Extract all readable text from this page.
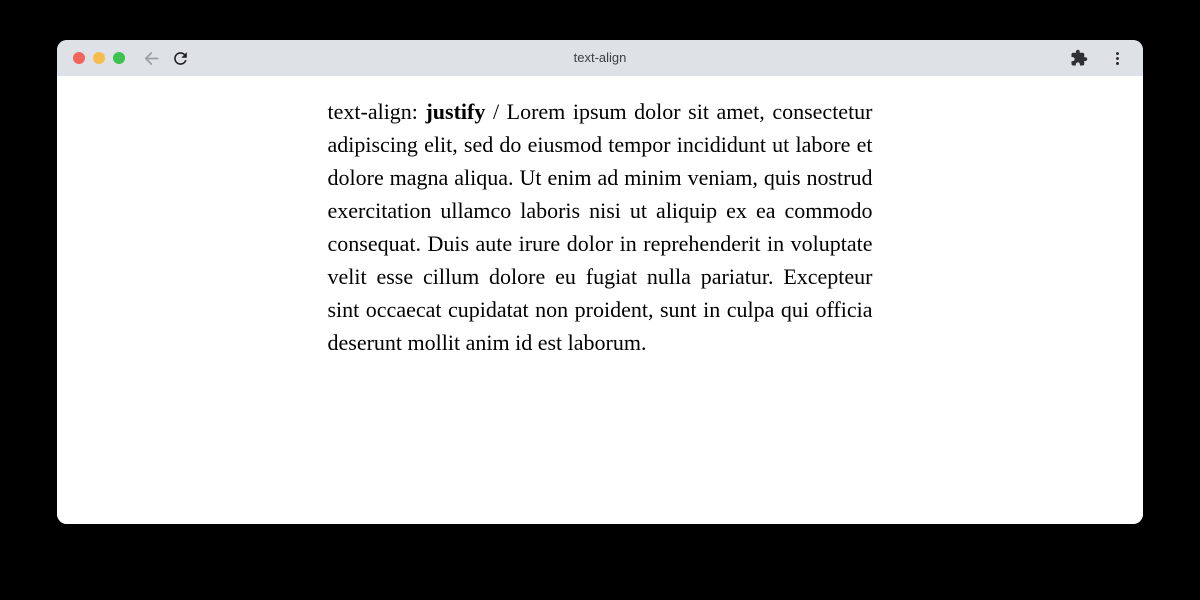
text-align

text-align: justify / Lorem ipsum dolor sit amet, consectetur adipiscing elit, sed do eiusmod tempor incididunt ut labore et dolore magna aliqua. Ut enim ad minim veniam, quis nostrud exercitation ullamco laboris nisi ut aliquip ex ea commodo consequat. Duis aute irure dolor in reprehenderit in voluptate velit esse cillum dolore eu fugiat nulla pariatur. Excepteur sint occaecat cupidatat non proident, sunt in culpa qui officia deserunt mollit anim id est laborum.
